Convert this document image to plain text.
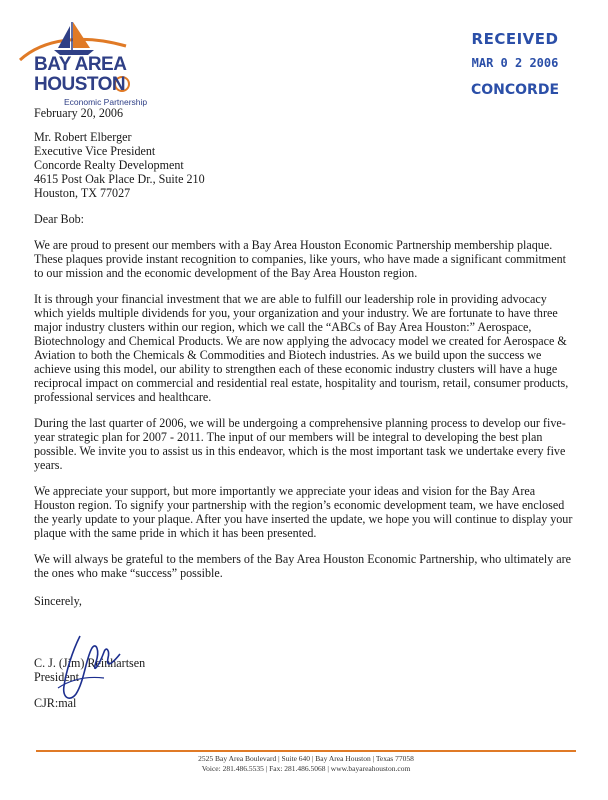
BAY AREA
HOUSTON
Economic Partnership
RECEIVED
MAR 0 2 2006
CONCORDE
February 20, 2006
Mr. Robert Elberger
Executive Vice President
Concorde Realty Development
4615 Post Oak Place Dr., Suite 210
Houston, TX 77027
Dear Bob:

We are proud to present our members with a Bay Area Houston Economic Partnership membership plaque. These plaques provide instant recognition to companies, like yours, who have made a significant commitment to our mission and the economic development of the Bay Area Houston region.

It is through your financial investment that we are able to fulfill our leadership role in providing advocacy which yields multiple dividends for you, your organization and your industry. We are fortunate to have three major industry clusters within our region, which we call the “ABCs of Bay Area Houston:” Aerospace, Biotechnology and Chemical Products. We are now applying the advocacy model we created for Aerospace & Aviation to both the Chemicals & Commodities and Biotech industries. As we build upon the success we achieve using this model, our ability to strengthen each of these economic industry clusters will have a huge reciprocal impact on commercial and residential real estate, hospitality and tourism, retail, consumer products, professional services and healthcare.

During the last quarter of 2006, we will be undergoing a comprehensive planning process to develop our five-year strategic plan for 2007 - 2011. The input of our members will be integral to developing the best plan possible. We invite you to assist us in this endeavor, which is the most important task we undertake every five years.

We appreciate your support, but more importantly we appreciate your ideas and vision for the Bay Area Houston region. To signify your partnership with the region’s economic development team, we have enclosed the yearly update to your plaque. After you have inserted the update, we hope you will continue to display your plaque with the same pride in which it has been presented.

We will always be grateful to the members of the Bay Area Houston Economic Partnership, who ultimately are the ones who make “success” possible.

Sincerely,
C. J. (Jim) Reinhartsen
President
CJR:mal
2525 Bay Area Boulevard | Suite 640 | Bay Area Houston | Texas 77058
Voice: 281.486.5535 | Fax: 281.486.5068 | www.bayareahouston.com
